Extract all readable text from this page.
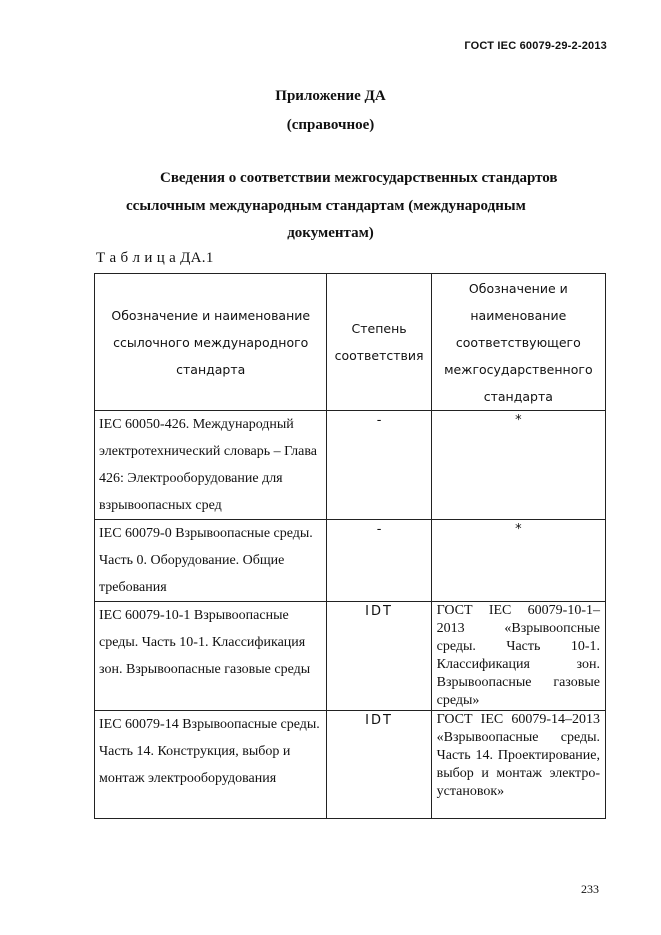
ГОСТ IEC 60079-29-2-2013
Приложение ДА
(справочное)
Сведения о соответствии межгосударственных стандартов
ссылочным международным стандартам (международным
документам)
Т а б л и ц а ДА.1
Обозначение и наименование ссылочного международного стандарта	Степень соответствия	Обозначение и наименование соответствующего межгосударственного стандарта
IEC 60050-426. Международный электротехнический словарь – Глава 426: Электрооборудование для взрывоопасных сред	-	*
IEC 60079-0 Взрывоопасные среды. Часть 0. Оборудование. Общие требования	-	*
IEC 60079-10-1 Взрывоопасные среды. Часть 10-1. Классификация зон. Взрывоопасные газовые среды	IDT	ГОСТ IEC 60079-10-1–2013 «Взрывоопсные среды. Часть 10-1. Классификация зон. Взрывоопасные газовые среды»
IEC 60079-14 Взрывоопасные среды. Часть 14. Конструкция, выбор и монтаж электрооборудования	IDT	ГОСТ IEC 60079-14–2013 «Взрывоопасные среды. Часть 14. Проектирование, выбор и монтаж электро-установок»
233
